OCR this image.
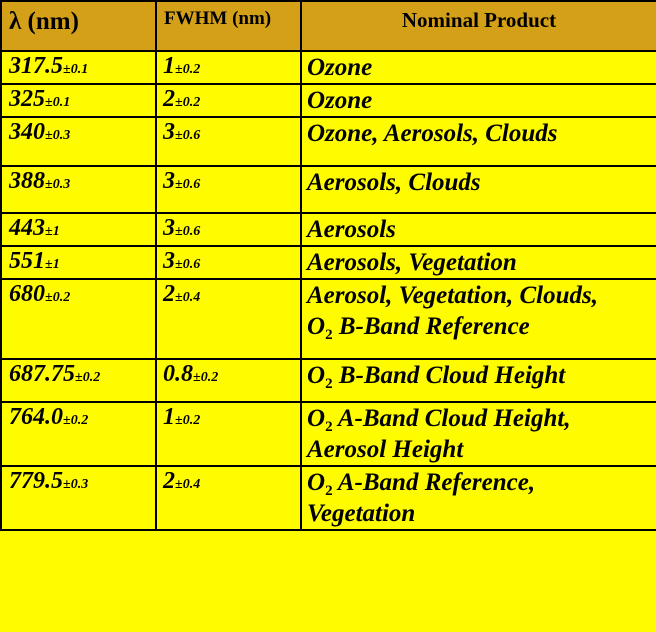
λ (nm)	FWHM (nm)	Nominal Product
317.5±0.1	1±0.2	Ozone

325±0.1	2±0.2	Ozone

340±0.3	3±0.6	Ozone, Aerosols, Clouds

388±0.3	3±0.6	Aerosols, Clouds

443±1	3±0.6	Aerosols

551±1	3±0.6	Aerosols, Vegetation

680±0.2	2±0.4	Aerosol, Vegetation, Clouds,
$O_2$ B-Band Reference

687.75±0.2	0.8±0.2	$O_2$ B-Band Cloud Height

764.0±0.2	1±0.2	$O_2$ A-Band Cloud Height,
Aerosol Height

779.5±0.3	2±0.4	$O_2$ A-Band Reference,
Vegetation
